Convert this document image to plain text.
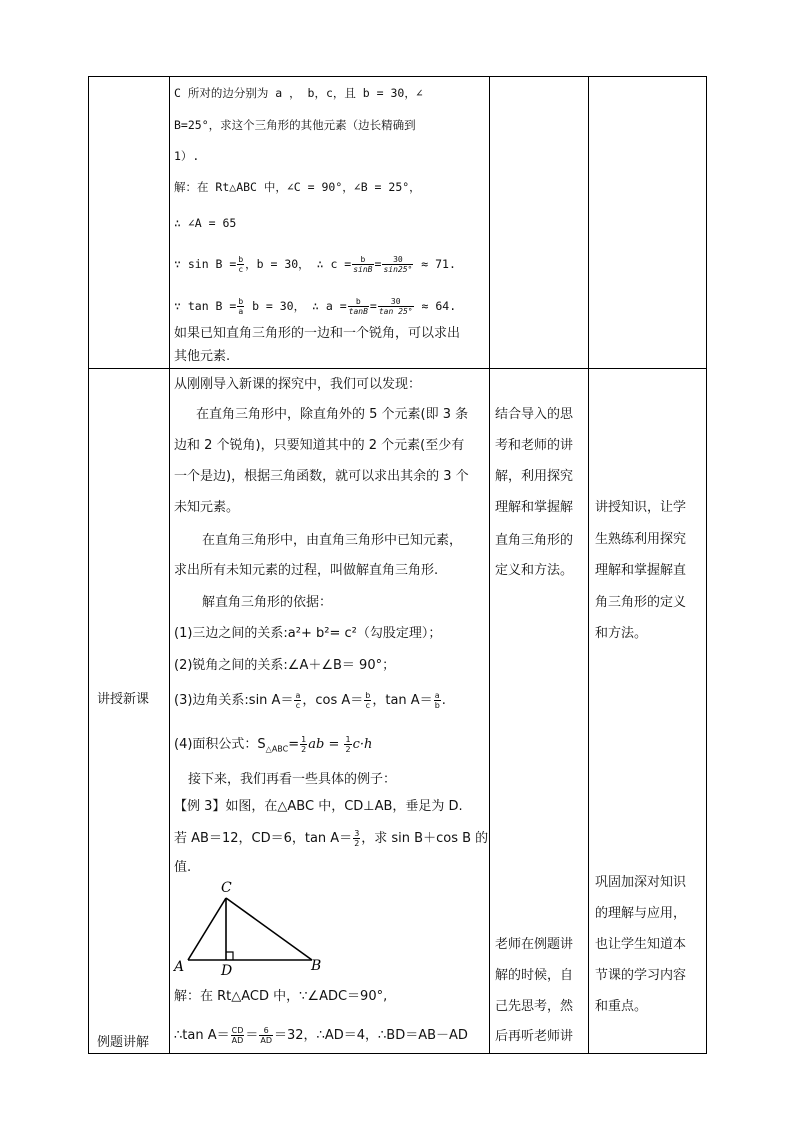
讲授新课
例题讲解
C 所对的边分别为 a ， b，c，且 b = 30，∠
B=25°，求这个三角形的其他元素（边长精确到
1）.
解：在 Rt△ABC 中，∠C = 90°，∠B = 25°，
∴ ∠A = 65
∵ $\sin B = \frac{b}{c}$ ，b = 30， ∴ $c = \frac{b}{\sin B} = \frac{30}{\sin 25^\circ} \approx 71$.
∵ $\tan B = \frac{b}{a}$ b = 30， ∴ $a = \frac{b}{\tan B} = \frac{30}{\tan 25^\circ} \approx 64$.
如果已知直角三角形的一边和一个锐角，可以求出
其他元素.
从刚刚导入新课的探究中，我们可以发现：
在直角三角形中，除直角外的 5 个元素(即 3 条
边和 2 个锐角)，只要知道其中的 2 个元素(至少有
一个是边)，根据三角函数，就可以求出其余的 3 个
未知元素。
在直角三角形中，由直角三角形中已知元素，
求出所有未知元素的过程，叫做解直角三角形.
解直角三角形的依据：
(1)三边之间的关系:a²+ b²= c²（勾股定理）；
(2)锐角之间的关系:∠A＋∠B＝ 90°；
(3)边角关系:sin $A= \frac{a}{c}$ ，$\cos A= \frac{b}{c}$ ，$\tan A= \frac{a}{b}$ .
(4)面积公式：$S_{\triangle ABC}= \frac{1}{2}$ ab = $\frac{1}{2} c\cdot h$
接下来，我们再看一些具体的例子：
【例 3】如图，在△ABC 中，CD⊥AB，垂足为 D.
若 AB＝12，CD＝6，$\tan A= \frac{3}{2}$ ，求 sin B＋cos B 的
值.
C
A	D	B
解：在 Rt△ACD 中，∵∠ADC＝90°,
∴tan $A= \frac{CD}{AD} = \frac{6}{AD} =32$，∴AD＝4，∴BD＝AB－AD
结合导入的思
考和老师的讲
解，利用探究
理解和掌握解
直角三角形的
定义和方法。
老师在例题讲
解的时候，自
己先思考，然
后再听老师讲
讲授知识，让学
生熟练利用探究
理解和掌握解直
角三角形的定义
和方法。
巩固加深对知识
的理解与应用，
也让学生知道本
节课的学习内容
和重点。
